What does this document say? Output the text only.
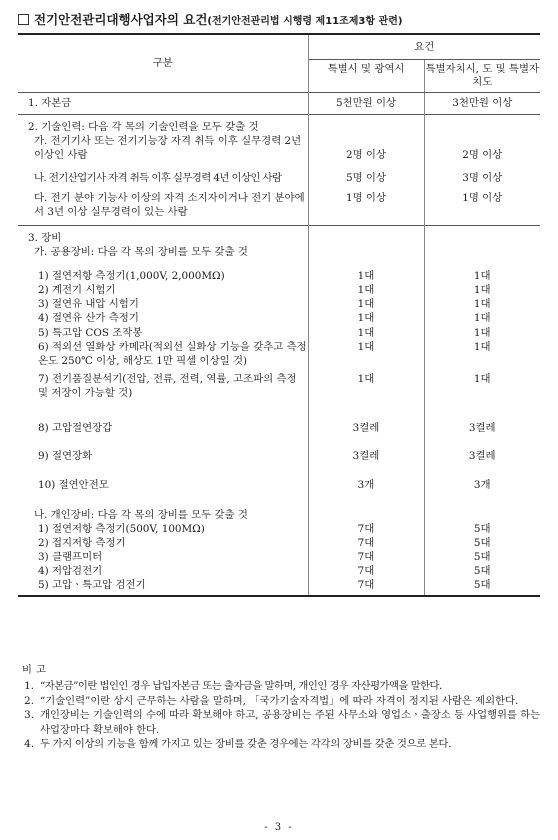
전기안전관리대행사업자의 요건(전기안전관리법 시행령 제11조제3항 관련)
구분	요건	
	특별시 및 광역시	특별자치시, 도 및 특별자치도
1. 자본금	5천만원 이상	3천만원 이상

2. 기술인력: 다음 각 목의 기술인력을 모두 갖출 것		

가. 전기기사 또는 전기기능장 자격 취득 이후 실무경력 2년 이상인 사람	2명 이상	2명 이상

나. 전기산업기사 자격 취득 이후 실무경력 4년 이상인 사람	5명 이상	3명 이상

다. 전기 분야 기능사 이상의 자격 소지자이거나 전기 분야에서 3년 이상 실무경력이 있는 사람	1명 이상	1명 이상

3. 장비		

가. 공용장비: 다음 각 목의 장비를 모두 갖출 것		

1) 절연저항 측정기(1,000V, 2,000MΩ)	1대	1대

2) 계전기 시험기	1대	1대

3) 절연유 내압 시험기	1대	1대

4) 절연유 산가 측정기	1대	1대

5) 특고압 COS 조작봉	1대	1대

6) 적외선 열화상 카메라(적외선 실화상 기능을 갖추고 측정온도 250℃ 이상, 해상도 1만 픽셀 이상일 것)	1대	1대

7) 전기품질분석기(전압, 전류, 전력, 역률, 고조파의 측정 및 저장이 가능할 것)	1대	1대

8) 고압절연장갑	3켤레	3켤레

9) 절연장화	3켤레	3켤레

10) 절연안전모	3개	3개

나. 개인장비: 다음 각 목의 장비를 모두 갖출 것		

1) 절연저항 측정기(500V, 100MΩ)	7대	5대

2) 접지저항 측정기	7대	5대

3) 클램프미터	7대	5대

4) 저압검전기	7대	5대

5) 고압ㆍ특고압 검전기	7대	5대
비고
1. “자본금”이란 법인인 경우 납입자본금 또는 출자금을 말하며, 개인인 경우 자산평가액을 말한다.
2. “기술인력”이란 상시 근무하는 사람을 말하며, 「국가기술자격법」에 따라 자격이 정지된 사람은 제외한다.
3. 개인장비는 기술인력의 수에 따라 확보해야 하고, 공용장비는 주된 사무소와 영업소ㆍ출장소 등 사업행위를 하는 사업장마다 확보해야 한다.
4. 두 가지 이상의 기능을 함께 가지고 있는 장비를 갖춘 경우에는 각각의 장비를 갖춘 것으로 본다.
- 3 -
